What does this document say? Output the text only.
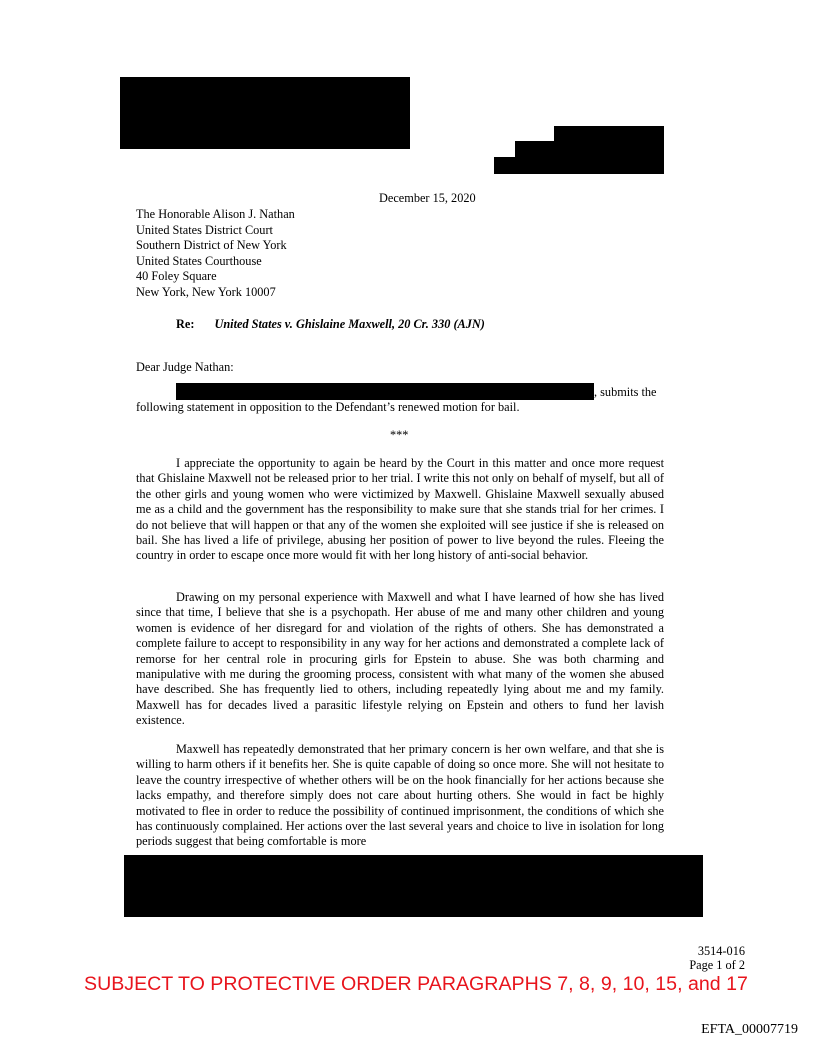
December 15, 2020
The Honorable Alison J. Nathan
United States District Court
Southern District of New York
United States Courthouse
40 Foley Square
New York, New York 10007
Re: United States v. Ghislaine Maxwell, 20 Cr. 330 (AJN)
Dear Judge Nathan:
, submits the
following statement in opposition to the Defendant’s renewed motion for bail.
***
I appreciate the opportunity to again be heard by the Court in this matter and once more request that Ghislaine Maxwell not be released prior to her trial. I write this not only on behalf of myself, but all of the other girls and young women who were victimized by Maxwell. Ghislaine Maxwell sexually abused me as a child and the government has the responsibility to make sure that she stands trial for her crimes. I do not believe that will happen or that any of the women she exploited will see justice if she is released on bail. She has lived a life of privilege, abusing her position of power to live beyond the rules. Fleeing the country in order to escape once more would fit with her long history of anti-social behavior.
Drawing on my personal experience with Maxwell and what I have learned of how she has lived since that time, I believe that she is a psychopath. Her abuse of me and many other children and young women is evidence of her disregard for and violation of the rights of others. She has demonstrated a complete failure to accept to responsibility in any way for her actions and demonstrated a complete lack of remorse for her central role in procuring girls for Epstein to abuse. She was both charming and manipulative with me during the grooming process, consistent with what many of the women she abused have described. She has frequently lied to others, including repeatedly lying about me and my family. Maxwell has for decades lived a parasitic lifestyle relying on Epstein and others to fund her lavish existence.
Maxwell has repeatedly demonstrated that her primary concern is her own welfare, and that she is willing to harm others if it benefits her. She is quite capable of doing so once more. She will not hesitate to leave the country irrespective of whether others will be on the hook financially for her actions because she lacks empathy, and therefore simply does not care about hurting others. She would in fact be highly motivated to flee in order to reduce the possibility of continued imprisonment, the conditions of which she has continuously complained. Her actions over the last several years and choice to live in isolation for long periods suggest that being comfortable is more
3514-016
Page 1 of 2
SUBJECT TO PROTECTIVE ORDER PARAGRAPHS 7, 8, 9, 10, 15, and 17
EFTA_00007719
